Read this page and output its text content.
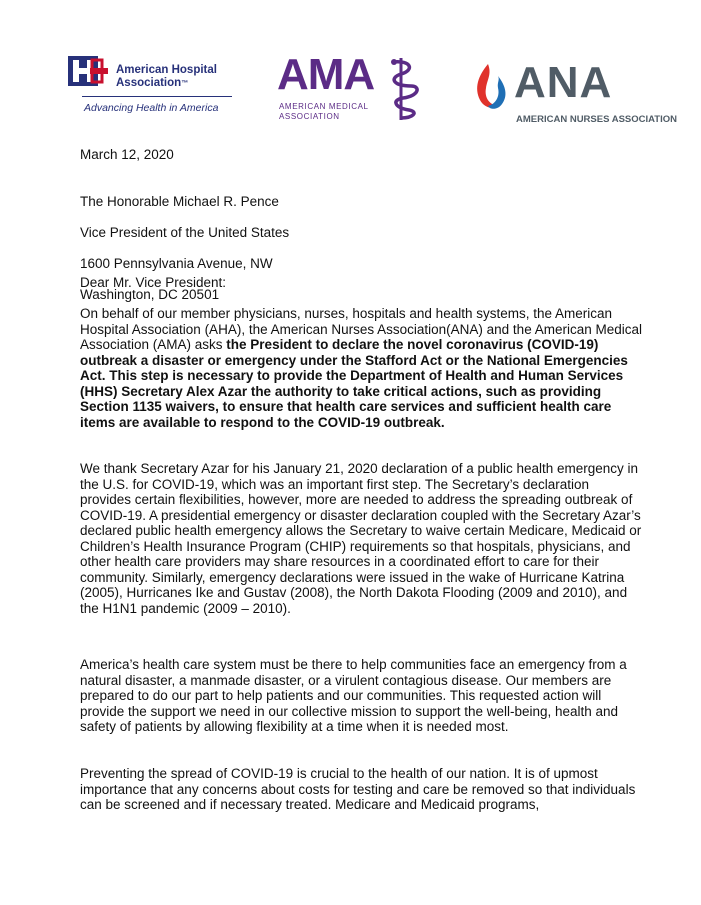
American Hospital
Association™
Advancing Health in America
AMA
AMERICAN MEDICAL
ASSOCIATION
ANA
AMERICAN NURSES ASSOCIATION
March 12, 2020

The Honorable Michael R. Pence

Vice President of the United States

1600 Pennsylvania Avenue, NW

Washington, DC 20501

Dear Mr. Vice President:
On behalf of our member physicians, nurses, hospitals and health systems, the American Hospital Association (AHA), the American Nurses Association(ANA) and the American Medical Association (AMA) asks the President to declare the novel coronavirus (COVID-19) outbreak a disaster or emergency under the Stafford Act or the National Emergencies Act. This step is necessary to provide the Department of Health and Human Services (HHS) Secretary Alex Azar the authority to take critical actions, such as providing Section 1135 waivers, to ensure that health care services and sufficient health care items are available to respond to the COVID-19 outbreak.
We thank Secretary Azar for his January 21, 2020 declaration of a public health emergency in the U.S. for COVID-19, which was an important first step. The Secretary’s declaration provides certain flexibilities, however, more are needed to address the spreading outbreak of COVID-19. A presidential emergency or disaster declaration coupled with the Secretary Azar’s declared public health emergency allows the Secretary to waive certain Medicare, Medicaid or Children’s Health Insurance Program (CHIP) requirements so that hospitals, physicians, and other health care providers may share resources in a coordinated effort to care for their community. Similarly, emergency declarations were issued in the wake of Hurricane Katrina (2005), Hurricanes Ike and Gustav (2008), the North Dakota Flooding (2009 and 2010), and the H1N1 pandemic (2009 – 2010).
America’s health care system must be there to help communities face an emergency from a natural disaster, a manmade disaster, or a virulent contagious disease. Our members are prepared to do our part to help patients and our communities. This requested action will provide the support we need in our collective mission to support the well-being, health and safety of patients by allowing flexibility at a time when it is needed most.
Preventing the spread of COVID-19 is crucial to the health of our nation. It is of upmost importance that any concerns about costs for testing and care be removed so that individuals can be screened and if necessary treated. Medicare and Medicaid programs,
